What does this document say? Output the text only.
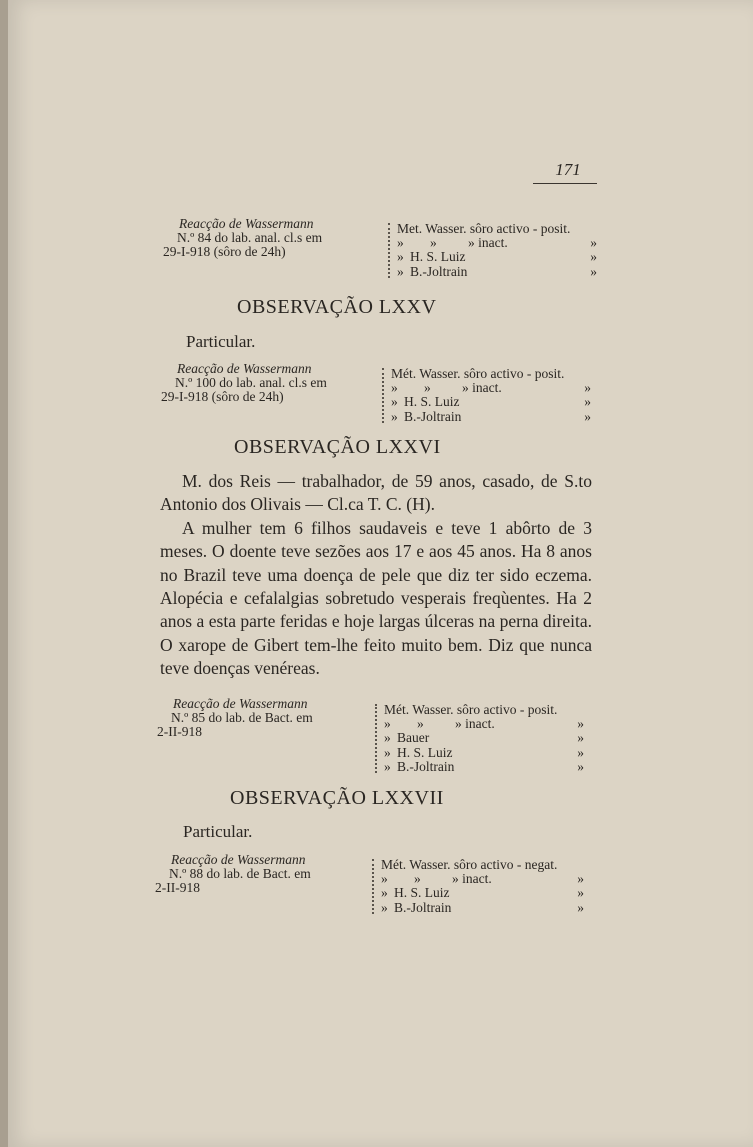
171
Reacção de Wassermann
N.º 84 do lab. anal. cl.s em
29-I-918 (sôro de 24h)
Met. Wasser. sôro activo - posit.
»	»	» inact.	»
» H. S. Luiz	»
» B.-Joltrain	»
OBSERVAÇÃO LXXV
Particular.
Reacção de Wassermann
N.º 100 do lab. anal. cl.s em
29-I-918 (sôro de 24h)
Mét. Wasser. sôro activo - posit.
»	»	» inact.	»
» H. S. Luiz	»
» B.-Joltrain	»
OBSERVAÇÃO LXXVI

M. dos Reis — trabalhador, de 59 anos, casado, de S.to Antonio dos Olivais — Cl.ca T. C. (H).

A mulher tem 6 filhos saudaveis e teve 1 abôrto de 3 meses. O doente teve sezões aos 17 e aos 45 anos. Ha 8 anos no Brazil teve uma doença de pele que diz ter sido eczema. Alopécia e cefalalgias sobretudo vesperais freqùentes. Ha 2 anos a esta parte feridas e hoje largas úlceras na perna direita. O xarope de Gibert tem-lhe feito muito bem. Diz que nunca teve doenças venéreas.

Reacção de Wassermann
N.º 85 do lab. de Bact. em
2-II-918
Mét. Wasser. sôro activo - posit.
»	»	» inact.	»
» Bauer	»
» H. S. Luiz	»
» B.-Joltrain	»
OBSERVAÇÃO LXXVII
Particular.
Reacção de Wassermann
N.º 88 do lab. de Bact. em
2-II-918
Mét. Wasser. sôro activo - negat.
»	»	» inact.	»
» H. S. Luiz	»
» B.-Joltrain	»
